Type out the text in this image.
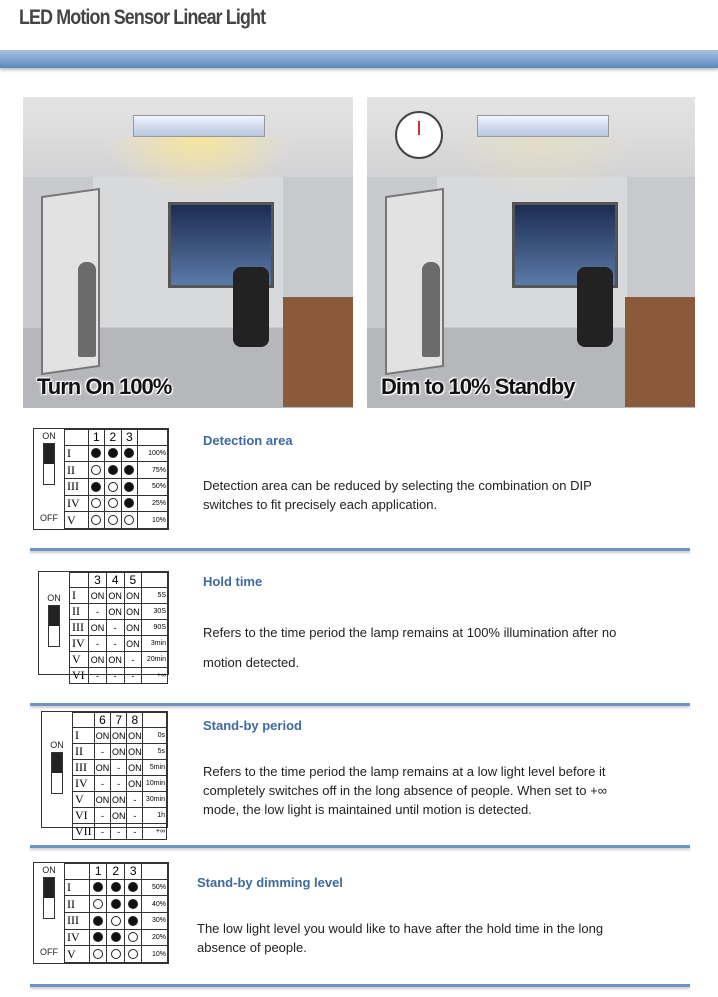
LED Motion Sensor Linear Light
Turn On 100%	Dim to 10% Standby
ON
OFF
	1	2	3	
I				100%
II				75%
III				50%
IV				25%
V				10%
Detection area
Detection area can be reduced by selecting the combination on DIP switches to fit precisely each application.
ON
	3	4	5	
I	ON	ON	ON	5S
II	-	ON	ON	30S
III	ON	-	ON	90S
IV	-	-	ON	3min
V	ON	ON	-	20min
VI	-	-	-	+∞
Hold time
Refers to the time period the lamp remains at 100% illumination after no motion detected.
ON
	6	7	8	
I	ON	ON	ON	0s
II	-	ON	ON	5s
III	ON	-	ON	5min
IV	-	-	ON	10min
V	ON	ON	-	30min
VI	-	ON	-	1h
VII	-	-	-	+∞
Stand-by period
Refers to the time period the lamp remains at a low light level before it completely switches off in the long absence of people. When set to +∞ mode, the low light is maintained until motion is detected.
ON
OFF
	1	2	3	
I				50%
II				40%
III				30%
IV				20%
V				10%
Stand-by dimming level
The low light level you would like to have after the hold time in the long absence of people.
